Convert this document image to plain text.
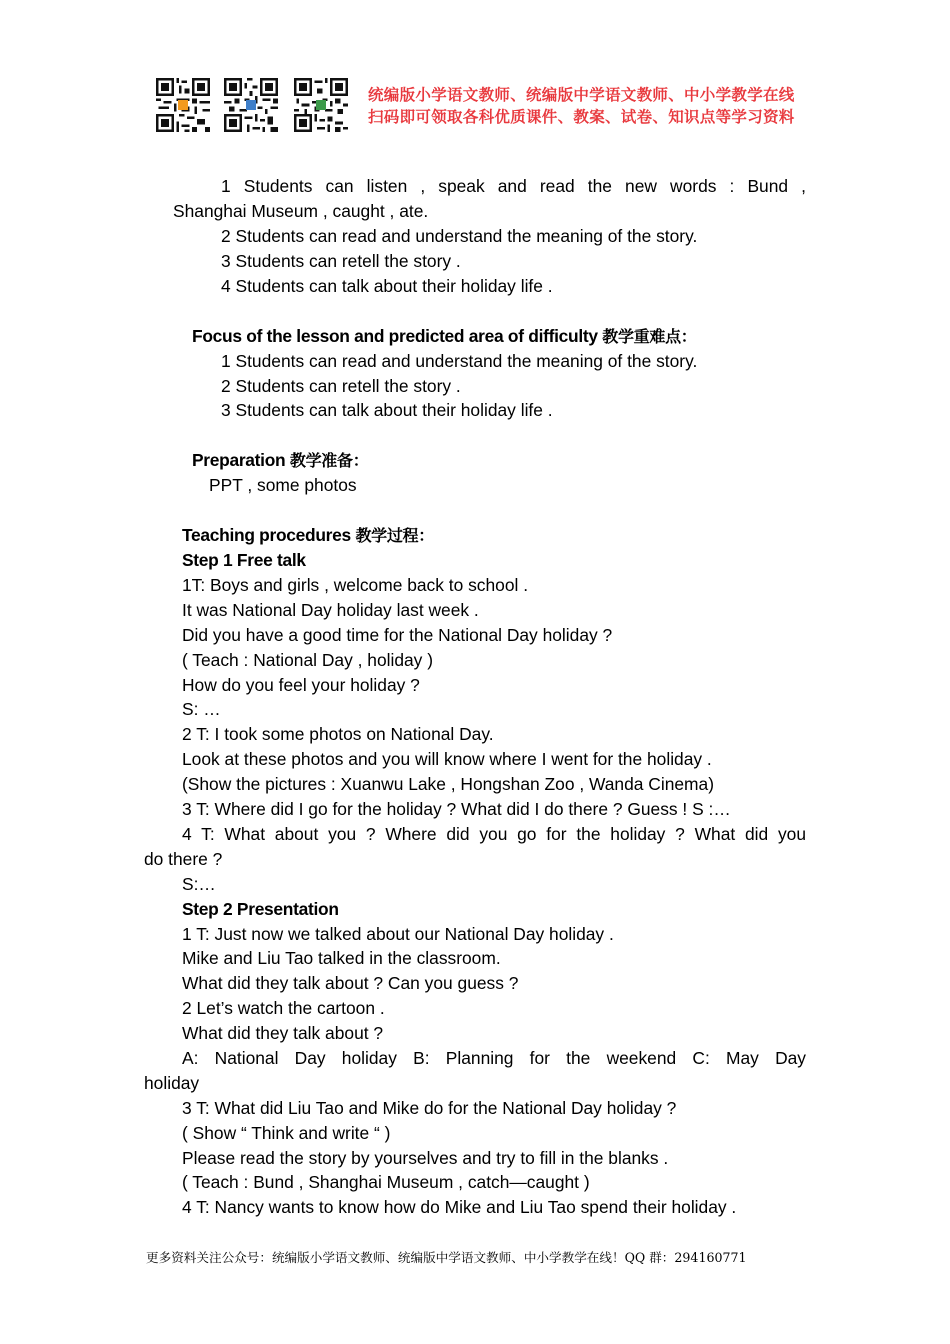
统编版小学语文教师、统编版中学语文教师、中小学教学在线
扫码即可领取各科优质课件、教案、试卷、知识点等学习资料
1 Students can listen , speak and read the new words : Bund ,
Shanghai Museum , caught , ate.
2 Students can read and understand the meaning of the story.
3 Students can retell the story .
4 Students can talk about their holiday life .
Focus of the lesson and predicted area of difficulty 教学重难点：
1 Students can read and understand the meaning of the story.
2 Students can retell the story .
3 Students can talk about their holiday life .
Preparation 教学准备：
PPT , some photos
Teaching procedures 教学过程：
Step 1 Free talk
1T: Boys and girls , welcome back to school .
It was National Day holiday last week .
Did you have a good time for the National Day holiday ?
( Teach : National Day , holiday )
How do you feel your holiday ?
S: …
2 T: I took some photos on National Day.
Look at these photos and you will know where I went for the holiday .
(Show the pictures : Xuanwu Lake , Hongshan Zoo , Wanda Cinema)
3 T: Where did I go for the holiday ? What did I do there ? Guess ! S :…
4 T: What about you ? Where did you go for the holiday ? What did you
do there ?
S:…
Step 2 Presentation
1 T: Just now we talked about our National Day holiday .
Mike and Liu Tao talked in the classroom.
What did they talk about ? Can you guess ?
2 Let’s watch the cartoon .
What did they talk about ?
A: National Day holiday B: Planning for the weekend C: May Day
holiday
3 T: What did Liu Tao and Mike do for the National Day holiday ?
( Show “ Think and write “ )
Please read the story by yourselves and try to fill in the blanks .
( Teach : Bund , Shanghai Museum , catch—caught )
4 T: Nancy wants to know how do Mike and Liu Tao spend their holiday .
更多资料关注公众号：统编版小学语文教师、统编版中学语文教师、中小学教学在线！QQ 群：294160771
